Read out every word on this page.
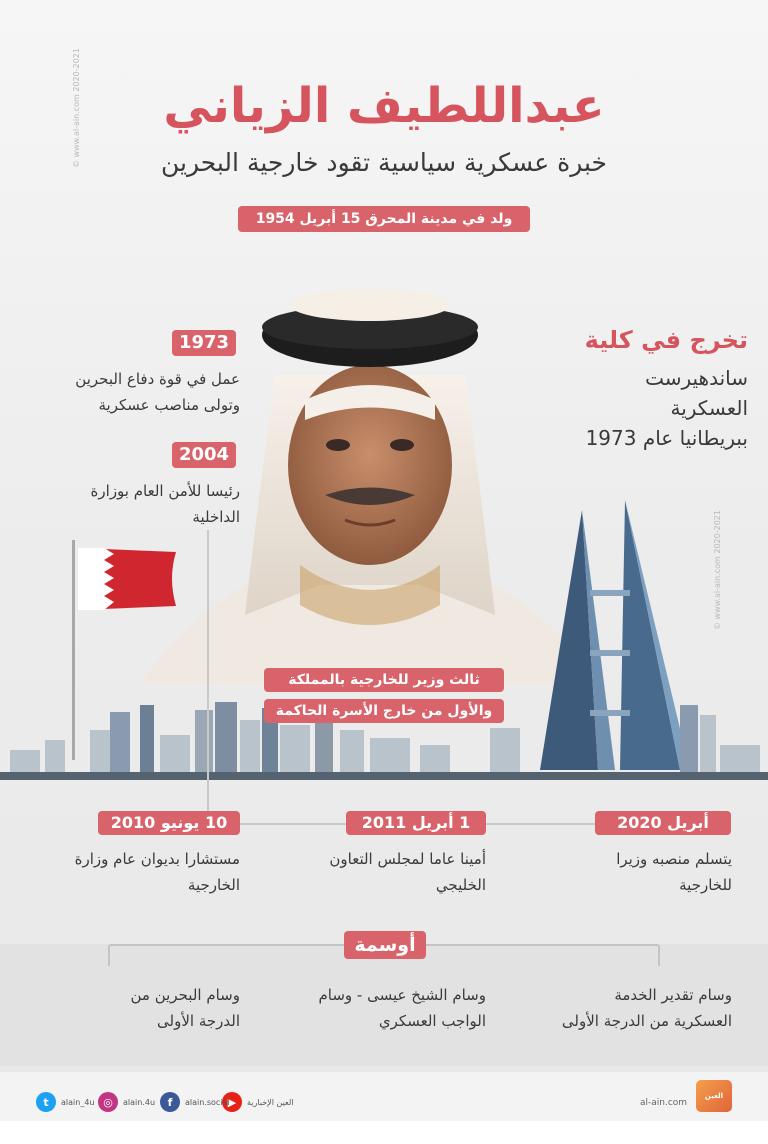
© www.al-ain.com 2020-2021
© www.al-ain.com 2020-2021
عبداللطيف الزياني
خبرة عسكرية سياسية تقود خارجية البحرين
ولد في مدينة المحرق 15 أبريل 1954
تخرج في كلية
ساندهيرست
العسكرية
ببريطانيا عام 1973
1973
عمل في قوة دفاع البحرين
وتولى مناصب عسكرية
2004
رئيسا للأمن العام بوزارة
الداخلية
ثالث وزير للخارجية بالمملكة
والأول من خارج الأسرة الحاكمة
أبريل 2020
يتسلم منصبه وزيرا
للخارجية
1 أبريل 2011
أمينا عاما لمجلس التعاون
الخليجي
10 يونيو 2010
مستشارا بديوان عام وزارة
الخارجية
أوسمة
وسام تقدير الخدمة
العسكرية من الدرجة الأولى
وسام الشيخ عيسى - وسام
الواجب العسكري
وسام البحرين من
الدرجة الأولى
▶	العين الإخبارية
f	alain.social
◎	alain.4u
t	alain_4u	al-ain.com
العين الإخبارية
